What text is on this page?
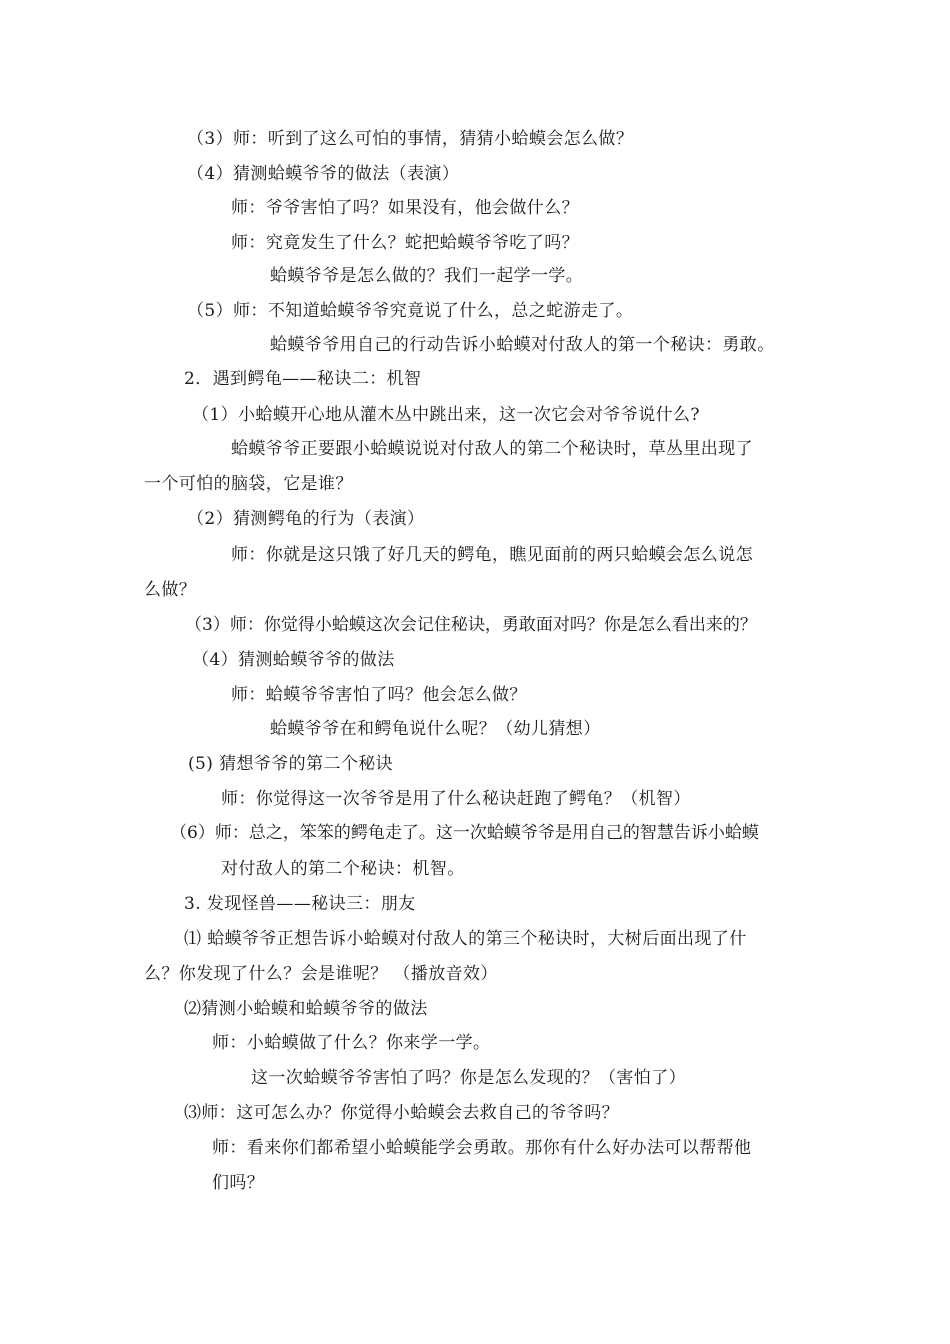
（3）师：听到了这么可怕的事情，猜猜小蛤蟆会怎么做？
（4）猜测蛤蟆爷爷的做法（表演）
师：爷爷害怕了吗？如果没有，他会做什么？
师：究竟发生了什么？蛇把蛤蟆爷爷吃了吗？
蛤蟆爷爷是怎么做的？我们一起学一学。
（5）师：不知道蛤蟆爷爷究竟说了什么，总之蛇游走了。
蛤蟆爷爷用自己的行动告诉小蛤蟆对付敌人的第一个秘诀：勇敢。
2．遇到鳄龟——秘诀二：机智
（1）小蛤蟆开心地从灌木丛中跳出来，这一次它会对爷爷说什么?
蛤蟆爷爷正要跟小蛤蟆说说对付敌人的第二个秘诀时，草丛里出现了
一个可怕的脑袋，它是谁？
（2）猜测鳄龟的行为（表演）
师：你就是这只饿了好几天的鳄龟，瞧见面前的两只蛤蟆会怎么说怎
么做？
（3）师：你觉得小蛤蟆这次会记住秘诀，勇敢面对吗？你是怎么看出来的？
（4）猜测蛤蟆爷爷的做法
师：蛤蟆爷爷害怕了吗？他会怎么做？
蛤蟆爷爷在和鳄龟说什么呢？（幼儿猜想）
(5) 猜想爷爷的第二个秘诀
师：你觉得这一次爷爷是用了什么秘诀赶跑了鳄龟？（机智）
（6）师：总之，笨笨的鳄龟走了。这一次蛤蟆爷爷是用自己的智慧告诉小蛤蟆
对付敌人的第二个秘诀：机智。
3. 发现怪兽——秘诀三：朋友
⑴ 蛤蟆爷爷正想告诉小蛤蟆对付敌人的第三个秘诀时，大树后面出现了什
么？你发现了什么？会是谁呢？ （播放音效）
⑵猜测小蛤蟆和蛤蟆爷爷的做法
师：小蛤蟆做了什么？你来学一学。
这一次蛤蟆爷爷害怕了吗？你是怎么发现的？（害怕了）
⑶师：这可怎么办？你觉得小蛤蟆会去救自己的爷爷吗？
师：看来你们都希望小蛤蟆能学会勇敢。那你有什么好办法可以帮帮他
们吗？
